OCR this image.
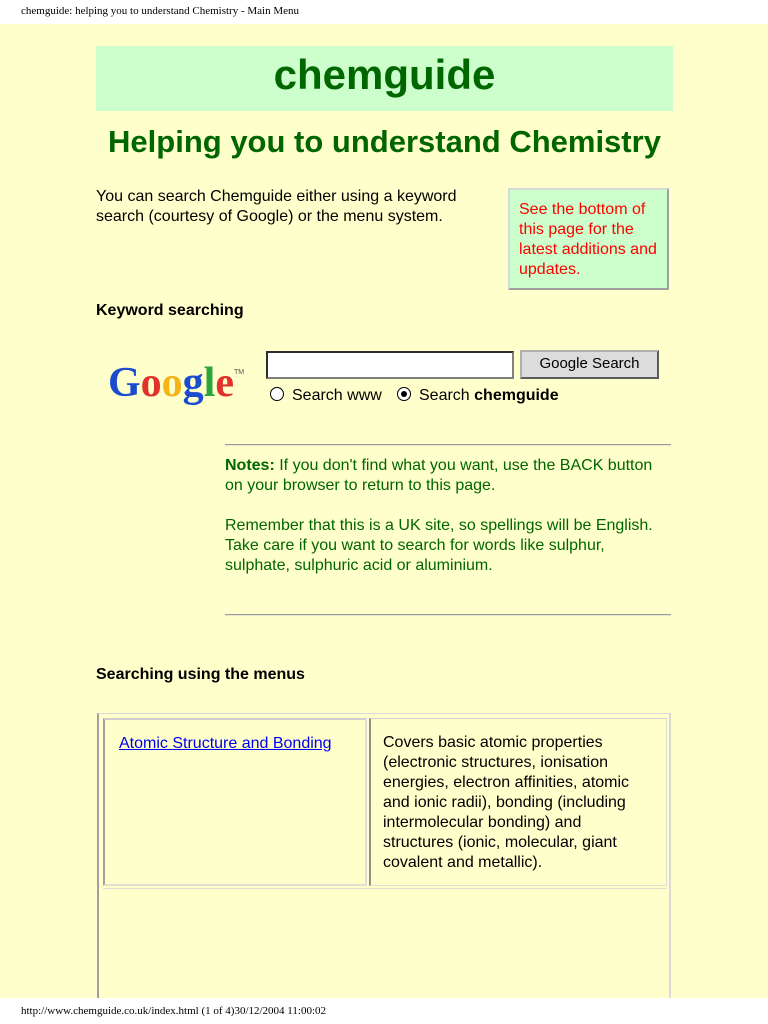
chemguide: helping you to understand Chemistry - Main Menu
chemguide
Helping you to understand Chemistry
You can search Chemguide either using a keyword search (courtesy of Google) or the menu system.	See the bottom of this page for the latest additions and updates.
Keyword searching
Google TM
Google Search
Search www	Search chemguide

Notes: If you don't find what you want, use the BACK button on your browser to return to this page.

Remember that this is a UK site, so spellings will be English. Take care if you want to search for words like sulphur, sulphate, sulphuric acid or aluminium.

Searching using the menus
Atomic Structure and Bonding	Covers basic atomic properties (electronic structures, ionisation energies, electron affinities, atomic and ionic radii), bonding (including intermolecular bonding) and structures (ionic, molecular, giant covalent and metallic).
http://www.chemguide.co.uk/index.html (1 of 4)30/12/2004 11:00:02
